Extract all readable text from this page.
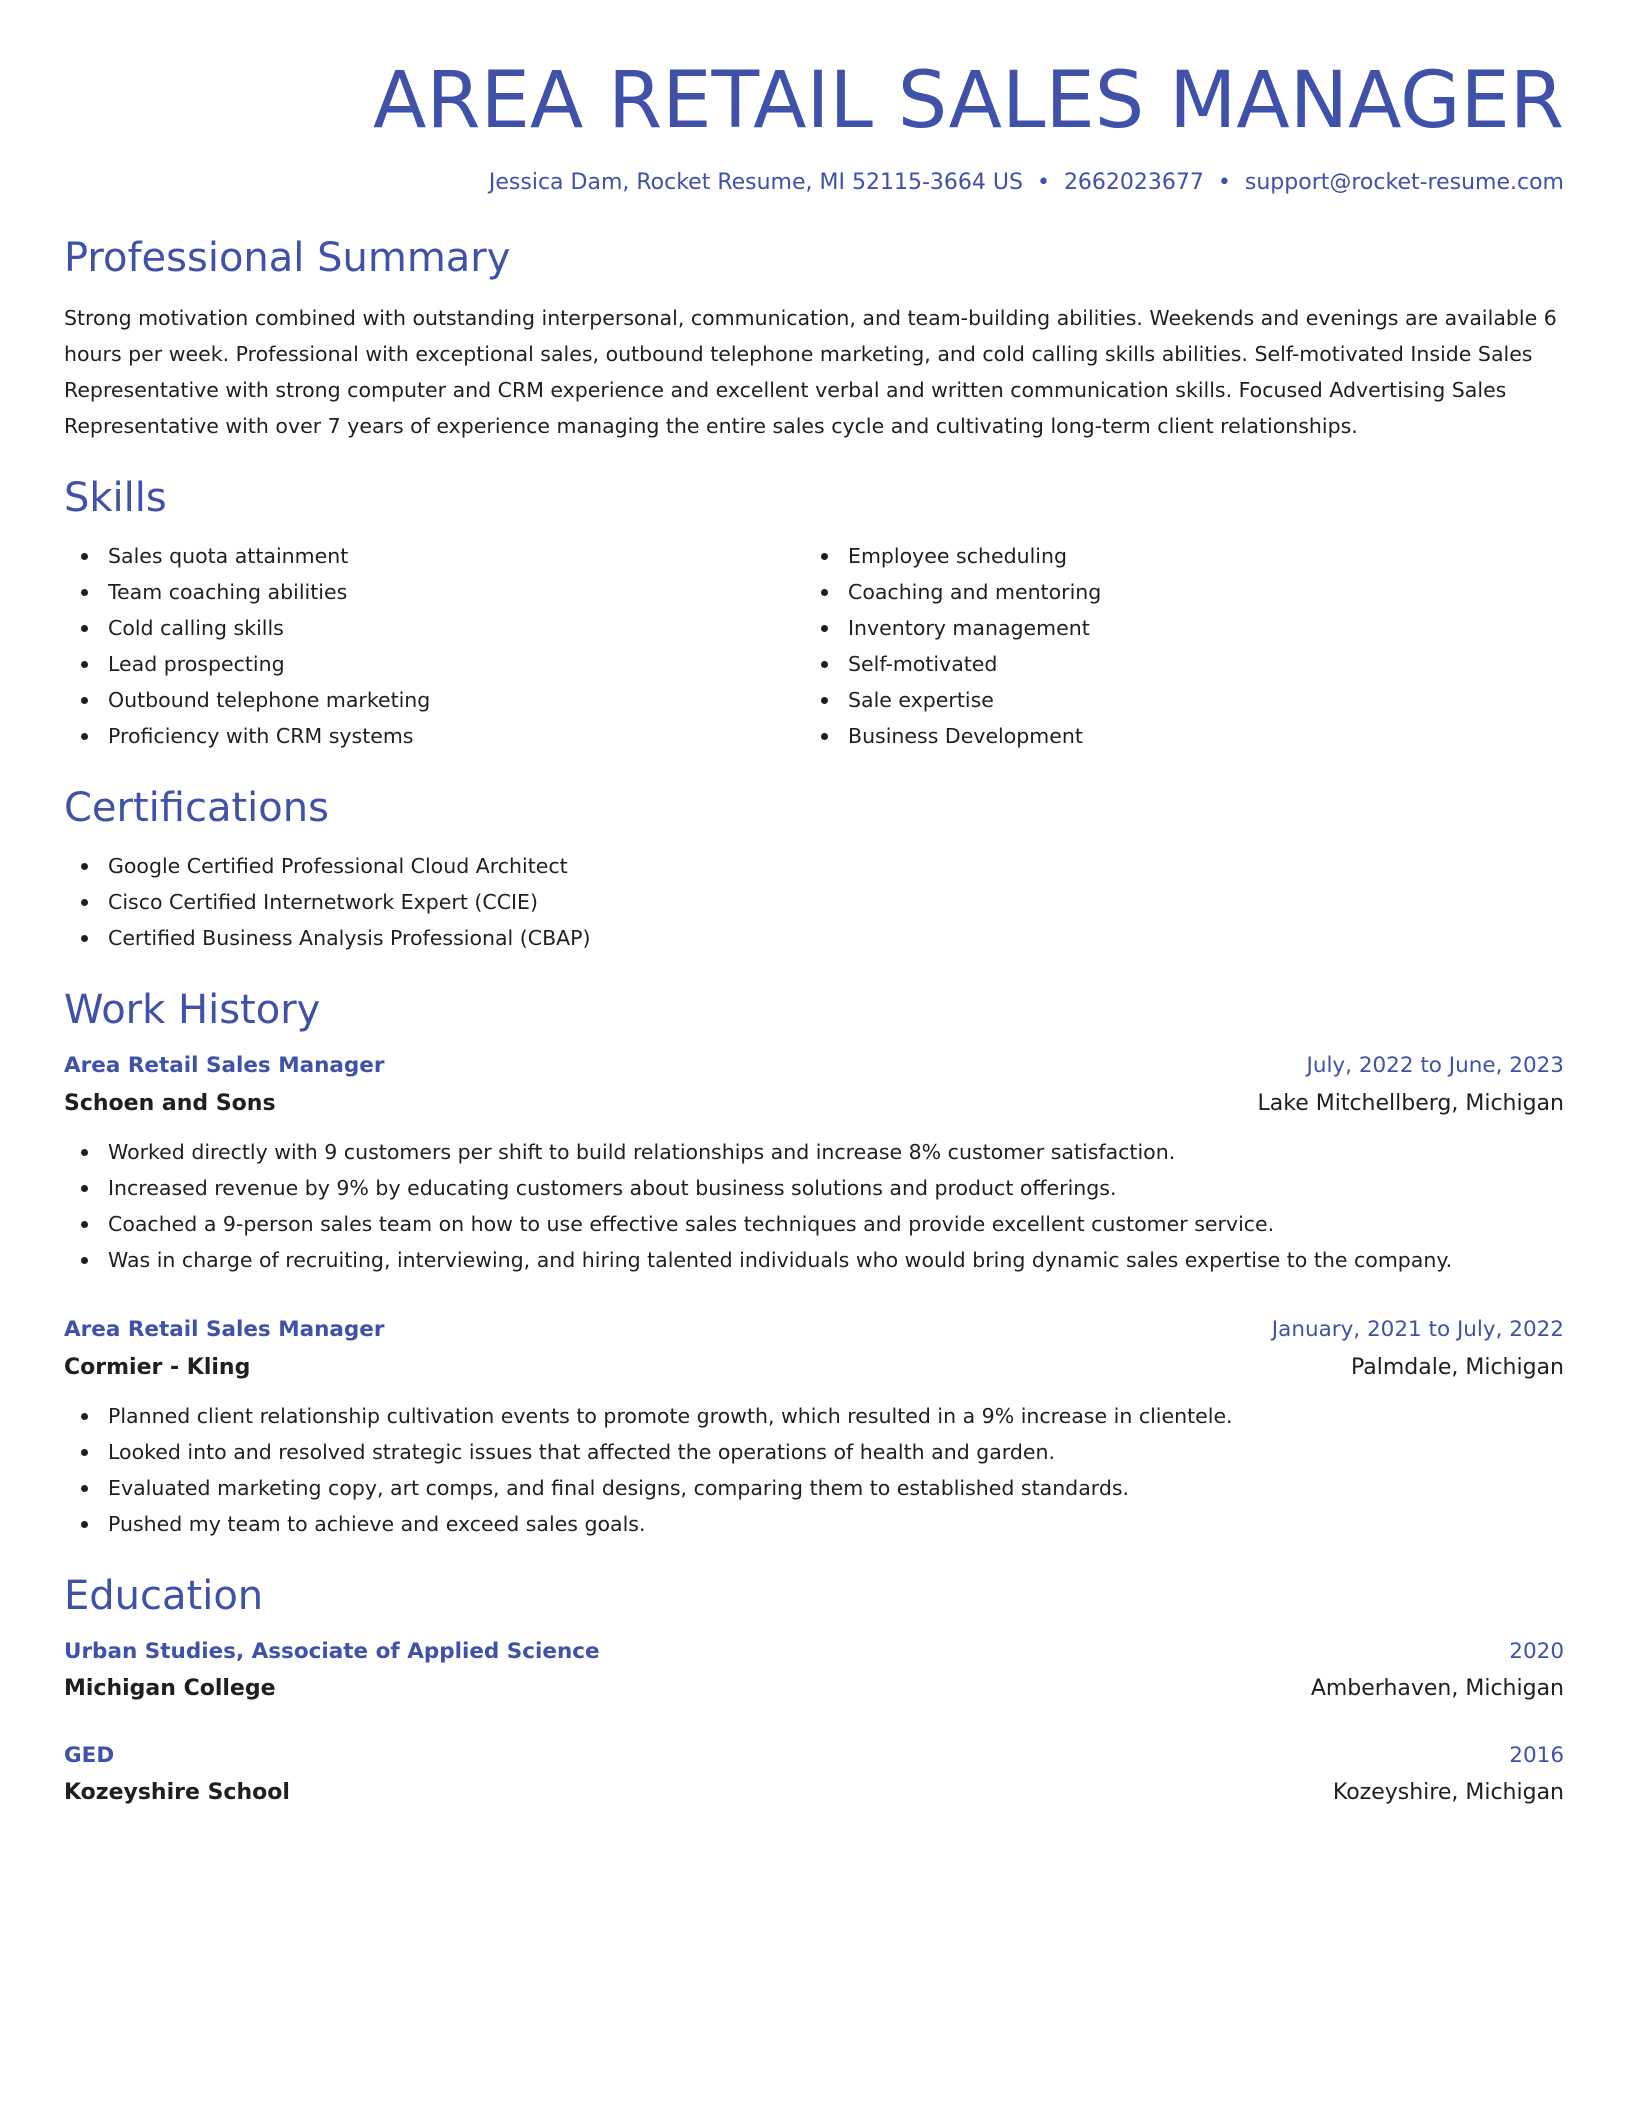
AREA RETAIL SALES MANAGER
Jessica Dam, Rocket Resume, MI 52115-3664 US • 2662023677 • support@rocket-resume.com
Professional Summary
Strong motivation combined with outstanding interpersonal, communication, and team-building abilities. Weekends and evenings are available 6 hours per week. Professional with exceptional sales, outbound telephone marketing, and cold calling skills abilities. Self-motivated Inside Sales Representative with strong computer and CRM experience and excellent verbal and written communication skills. Focused Advertising Sales Representative with over 7 years of experience managing the entire sales cycle and cultivating long-term client relationships.
Skills
Sales quota attainment
Team coaching abilities
Cold calling skills
Lead prospecting
Outbound telephone marketing
Proficiency with CRM systems
Employee scheduling
Coaching and mentoring
Inventory management
Self-motivated
Sale expertise
Business Development
Certifications
Google Certified Professional Cloud Architect
Cisco Certified Internetwork Expert (CCIE)
Certified Business Analysis Professional (CBAP)
Work History
Area Retail Sales Manager	July, 2022 to June, 2023
Schoen and Sons	Lake Mitchellberg, Michigan
Worked directly with 9 customers per shift to build relationships and increase 8% customer satisfaction.
Increased revenue by 9% by educating customers about business solutions and product offerings.
Coached a 9-person sales team on how to use effective sales techniques and provide excellent customer service.
Was in charge of recruiting, interviewing, and hiring talented individuals who would bring dynamic sales expertise to the company.
Area Retail Sales Manager	January, 2021 to July, 2022
Cormier - Kling	Palmdale, Michigan
Planned client relationship cultivation events to promote growth, which resulted in a 9% increase in clientele.
Looked into and resolved strategic issues that affected the operations of health and garden.
Evaluated marketing copy, art comps, and final designs, comparing them to established standards.
Pushed my team to achieve and exceed sales goals.
Education
Urban Studies, Associate of Applied Science	2020
Michigan College	Amberhaven, Michigan
GED	2016
Kozeyshire School	Kozeyshire, Michigan
